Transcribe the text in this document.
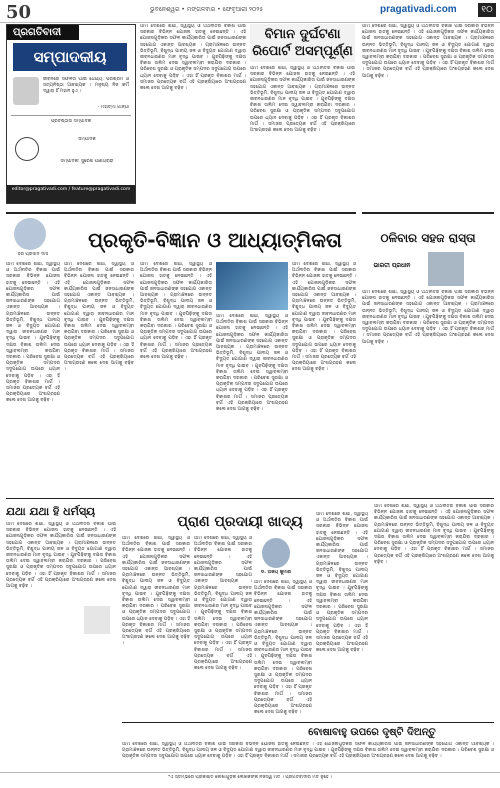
50	ଭୁବନେଶ୍ୱର • ମଙ୍ଗଳବାର • ଫେବୃଆରୀ ୨୦୨୫	pragativadi.com	୧୦
ପ୍ରଗତିବାଦୀ
ସମ୍ପାଦକୀୟ
ଜୀବନରେ ସଫଳତା ପାଇଁ ଧୈର୍ଯ୍ୟ, ପରିଶ୍ରମ ଓ ସତ୍ୟନିଷ୍ଠା ଆବଶ୍ୟକ । ମନୁଷ୍ୟ ନିଜ କର୍ମ ଦ୍ୱାରା ହିଁ ମହାନ ହୁଏ ।
- ମହାତ୍ମା ଗାନ୍ଧୀ
ପ୍ରତିଷ୍ଠାତା ସମ୍ପାଦକ
ସମ୍ପାଦକ
ସମ୍ପାଦକ: ସୁରେଶ ପାଣିଗ୍ରାହୀ
editor@pragativadi.com / feature@pragativadi.com
ଆମ ଦେଶରେ ଶିକ୍ଷା, ସ୍ୱାସ୍ଥ୍ୟ ଓ ଅର୍ଥନୀତିର ବିକାଶ ପାଇଁ ସରକାର ବିଭିନ୍ନ ଯୋଜନା ହାତକୁ ନେଇଛନ୍ତି । ଏହି ଯୋଜନାଗୁଡ଼ିକର ସଫଳ କାର୍ଯ୍ୟକାରିତା ପାଇଁ ଜନସାଧାରଣଙ୍କ ସହଯୋଗ ଏକାନ୍ତ ଆବଶ୍ୟକ । ଗ୍ରାମାଞ୍ଚଳରେ ଉନ୍ନତ ଭିତ୍ତିଭୂମି, ବିଶୁଦ୍ଧ ପାନୀୟ ଜଳ ଓ ବିଦ୍ୟୁତ ଯୋଗାଣ ଦ୍ୱାରା ଜୀବନଧାରଣର ମାନ ବୃଦ୍ଧି ପାଇବ । ଯୁବପିଢ଼ିଙ୍କୁ ଦକ୍ଷତା ବିକାଶ ତାଲିମ ଦେଇ ସ୍ୱାବଲମ୍ବୀ କରାଯିବା ଦରକାର । ପରିବେଶ ସୁରକ୍ଷା ଓ ପ୍ରାକୃତିକ ସମ୍ପଦର ସଦୁପଯୋଗ ଉପରେ ଧ୍ୟାନ ଦେବାକୁ ପଡ଼ିବ । ଏହା ହିଁ ପ୍ରକୃତ ବିକାଶର ମାର୍ଗ । ସମାଜର ପ୍ରତ୍ୟେକ ବର୍ଗ ଏହି ପ୍ରକ୍ରିୟାରେ ଅଂଶଗ୍ରହଣ କଲେ ଦେଶ ଆଗକୁ ବଢ଼ିବ ।
ବିମାନ ଦୁର୍ଘଟଣା ରିପୋର୍ଟ ଅସମ୍ପୂର୍ଣ୍ଣ
ଆମ ଦେଶରେ ଶିକ୍ଷା, ସ୍ୱାସ୍ଥ୍ୟ ଓ ଅର୍ଥନୀତିର ବିକାଶ ପାଇଁ ସରକାର ବିଭିନ୍ନ ଯୋଜନା ହାତକୁ ନେଇଛନ୍ତି । ଏହି ଯୋଜନାଗୁଡ଼ିକର ସଫଳ କାର୍ଯ୍ୟକାରିତା ପାଇଁ ଜନସାଧାରଣଙ୍କ ସହଯୋଗ ଏକାନ୍ତ ଆବଶ୍ୟକ । ଗ୍ରାମାଞ୍ଚଳରେ ଉନ୍ନତ ଭିତ୍ତିଭୂମି, ବିଶୁଦ୍ଧ ପାନୀୟ ଜଳ ଓ ବିଦ୍ୟୁତ ଯୋଗାଣ ଦ୍ୱାରା ଜୀବନଧାରଣର ମାନ ବୃଦ୍ଧି ପାଇବ । ଯୁବପିଢ଼ିଙ୍କୁ ଦକ୍ଷତା ବିକାଶ ତାଲିମ ଦେଇ ସ୍ୱାବଲମ୍ବୀ କରାଯିବା ଦରକାର । ପରିବେଶ ସୁରକ୍ଷା ଓ ପ୍ରାକୃତିକ ସମ୍ପଦର ସଦୁପଯୋଗ ଉପରେ ଧ୍ୟାନ ଦେବାକୁ ପଡ଼ିବ । ଏହା ହିଁ ପ୍ରକୃତ ବିକାଶର ମାର୍ଗ । ସମାଜର ପ୍ରତ୍ୟେକ ବର୍ଗ ଏହି ପ୍ରକ୍ରିୟାରେ ଅଂଶଗ୍ରହଣ କଲେ ଦେଶ ଆଗକୁ ବଢ଼ିବ ।
ଆମ ଦେଶରେ ଶିକ୍ଷା, ସ୍ୱାସ୍ଥ୍ୟ ଓ ଅର୍ଥନୀତିର ବିକାଶ ପାଇଁ ସରକାର ବିଭିନ୍ନ ଯୋଜନା ହାତକୁ ନେଇଛନ୍ତି । ଏହି ଯୋଜନାଗୁଡ଼ିକର ସଫଳ କାର୍ଯ୍ୟକାରିତା ପାଇଁ ଜନସାଧାରଣଙ୍କ ସହଯୋଗ ଏକାନ୍ତ ଆବଶ୍ୟକ । ଗ୍ରାମାଞ୍ଚଳରେ ଉନ୍ନତ ଭିତ୍ତିଭୂମି, ବିଶୁଦ୍ଧ ପାନୀୟ ଜଳ ଓ ବିଦ୍ୟୁତ ଯୋଗାଣ ଦ୍ୱାରା ଜୀବନଧାରଣର ମାନ ବୃଦ୍ଧି ପାଇବ । ଯୁବପିଢ଼ିଙ୍କୁ ଦକ୍ଷତା ବିକାଶ ତାଲିମ ଦେଇ ସ୍ୱାବଲମ୍ବୀ କରାଯିବା ଦରକାର । ପରିବେଶ ସୁରକ୍ଷା ଓ ପ୍ରାକୃତିକ ସମ୍ପଦର ସଦୁପଯୋଗ ଉପରେ ଧ୍ୟାନ ଦେବାକୁ ପଡ଼ିବ । ଏହା ହିଁ ପ୍ରକୃତ ବିକାଶର ମାର୍ଗ । ସମାଜର ପ୍ରତ୍ୟେକ ବର୍ଗ ଏହି ପ୍ରକ୍ରିୟାରେ ଅଂଶଗ୍ରହଣ କଲେ ଦେଶ ଆଗକୁ ବଢ଼ିବ ।
ପ୍ରକୃତି-ବିଜ୍ଞାନ ଓ ଆଧ୍ୟାତ୍ମିକତା
ହରି ପ୍ରସାଦ ଦାସ
ଆମ ଦେଶରେ ଶିକ୍ଷା, ସ୍ୱାସ୍ଥ୍ୟ ଓ ଅର୍ଥନୀତିର ବିକାଶ ପାଇଁ ସରକାର ବିଭିନ୍ନ ଯୋଜନା ହାତକୁ ନେଇଛନ୍ତି । ଏହି ଯୋଜନାଗୁଡ଼ିକର ସଫଳ କାର୍ଯ୍ୟକାରିତା ପାଇଁ ଜନସାଧାରଣଙ୍କ ସହଯୋଗ ଏକାନ୍ତ ଆବଶ୍ୟକ । ଗ୍ରାମାଞ୍ଚଳରେ ଉନ୍ନତ ଭିତ୍ତିଭୂମି, ବିଶୁଦ୍ଧ ପାନୀୟ ଜଳ ଓ ବିଦ୍ୟୁତ ଯୋଗାଣ ଦ୍ୱାରା ଜୀବନଧାରଣର ମାନ ବୃଦ୍ଧି ପାଇବ । ଯୁବପିଢ଼ିଙ୍କୁ ଦକ୍ଷତା ବିକାଶ ତାଲିମ ଦେଇ ସ୍ୱାବଲମ୍ବୀ କରାଯିବା ଦରକାର । ପରିବେଶ ସୁରକ୍ଷା ଓ ପ୍ରାକୃତିକ ସମ୍ପଦର ସଦୁପଯୋଗ ଉପରେ ଧ୍ୟାନ ଦେବାକୁ ପଡ଼ିବ । ଏହା ହିଁ ପ୍ରକୃତ ବିକାଶର ମାର୍ଗ । ସମାଜର ପ୍ରତ୍ୟେକ ବର୍ଗ ଏହି ପ୍ରକ୍ରିୟାରେ ଅଂଶଗ୍ରହଣ କଲେ ଦେଶ ଆଗକୁ ବଢ଼ିବ ।
ଆମ ଦେଶରେ ଶିକ୍ଷା, ସ୍ୱାସ୍ଥ୍ୟ ଓ ଅର୍ଥନୀତିର ବିକାଶ ପାଇଁ ସରକାର ବିଭିନ୍ନ ଯୋଜନା ହାତକୁ ନେଇଛନ୍ତି । ଏହି ଯୋଜନାଗୁଡ଼ିକର ସଫଳ କାର୍ଯ୍ୟକାରିତା ପାଇଁ ଜନସାଧାରଣଙ୍କ ସହଯୋଗ ଏକାନ୍ତ ଆବଶ୍ୟକ । ଗ୍ରାମାଞ୍ଚଳରେ ଉନ୍ନତ ଭିତ୍ତିଭୂମି, ବିଶୁଦ୍ଧ ପାନୀୟ ଜଳ ଓ ବିଦ୍ୟୁତ ଯୋଗାଣ ଦ୍ୱାରା ଜୀବନଧାରଣର ମାନ ବୃଦ୍ଧି ପାଇବ । ଯୁବପିଢ଼ିଙ୍କୁ ଦକ୍ଷତା ବିକାଶ ତାଲିମ ଦେଇ ସ୍ୱାବଲମ୍ବୀ କରାଯିବା ଦରକାର । ପରିବେଶ ସୁରକ୍ଷା ଓ ପ୍ରାକୃତିକ ସମ୍ପଦର ସଦୁପଯୋଗ ଉପରେ ଧ୍ୟାନ ଦେବାକୁ ପଡ଼ିବ । ଏହା ହିଁ ପ୍ରକୃତ ବିକାଶର ମାର୍ଗ । ସମାଜର ପ୍ରତ୍ୟେକ ବର୍ଗ ଏହି ପ୍ରକ୍ରିୟାରେ ଅଂଶଗ୍ରହଣ କଲେ ଦେଶ ଆଗକୁ ବଢ଼ିବ ।
ଆମ ଦେଶରେ ଶିକ୍ଷା, ସ୍ୱାସ୍ଥ୍ୟ ଓ ଅର୍ଥନୀତିର ବିକାଶ ପାଇଁ ସରକାର ବିଭିନ୍ନ ଯୋଜନା ହାତକୁ ନେଇଛନ୍ତି । ଏହି ଯୋଜନାଗୁଡ଼ିକର ସଫଳ କାର୍ଯ୍ୟକାରିତା ପାଇଁ ଜନସାଧାରଣଙ୍କ ସହଯୋଗ ଏକାନ୍ତ ଆବଶ୍ୟକ । ଗ୍ରାମାଞ୍ଚଳରେ ଉନ୍ନତ ଭିତ୍ତିଭୂମି, ବିଶୁଦ୍ଧ ପାନୀୟ ଜଳ ଓ ବିଦ୍ୟୁତ ଯୋଗାଣ ଦ୍ୱାରା ଜୀବନଧାରଣର ମାନ ବୃଦ୍ଧି ପାଇବ । ଯୁବପିଢ଼ିଙ୍କୁ ଦକ୍ଷତା ବିକାଶ ତାଲିମ ଦେଇ ସ୍ୱାବଲମ୍ବୀ କରାଯିବା ଦରକାର । ପରିବେଶ ସୁରକ୍ଷା ଓ ପ୍ରାକୃତିକ ସମ୍ପଦର ସଦୁପଯୋଗ ଉପରେ ଧ୍ୟାନ ଦେବାକୁ ପଡ଼ିବ । ଏହା ହିଁ ପ୍ରକୃତ ବିକାଶର ମାର୍ଗ । ସମାଜର ପ୍ରତ୍ୟେକ ବର୍ଗ ଏହି ପ୍ରକ୍ରିୟାରେ ଅଂଶଗ୍ରହଣ କଲେ ଦେଶ ଆଗକୁ ବଢ଼ିବ ।
ଆମ ଦେଶରେ ଶିକ୍ଷା, ସ୍ୱାସ୍ଥ୍ୟ ଓ ଅର୍ଥନୀତିର ବିକାଶ ପାଇଁ ସରକାର ବିଭିନ୍ନ ଯୋଜନା ହାତକୁ ନେଇଛନ୍ତି । ଏହି ଯୋଜନାଗୁଡ଼ିକର ସଫଳ କାର୍ଯ୍ୟକାରିତା ପାଇଁ ଜନସାଧାରଣଙ୍କ ସହଯୋଗ ଏକାନ୍ତ ଆବଶ୍ୟକ । ଗ୍ରାମାଞ୍ଚଳରେ ଉନ୍ନତ ଭିତ୍ତିଭୂମି, ବିଶୁଦ୍ଧ ପାନୀୟ ଜଳ ଓ ବିଦ୍ୟୁତ ଯୋଗାଣ ଦ୍ୱାରା ଜୀବନଧାରଣର ମାନ ବୃଦ୍ଧି ପାଇବ । ଯୁବପିଢ଼ିଙ୍କୁ ଦକ୍ଷତା ବିକାଶ ତାଲିମ ଦେଇ ସ୍ୱାବଲମ୍ବୀ କରାଯିବା ଦରକାର । ପରିବେଶ ସୁରକ୍ଷା ଓ ପ୍ରାକୃତିକ ସମ୍ପଦର ସଦୁପଯୋଗ ଉପରେ ଧ୍ୟାନ ଦେବାକୁ ପଡ଼ିବ । ଏହା ହିଁ ପ୍ରକୃତ ବିକାଶର ମାର୍ଗ । ସମାଜର ପ୍ରତ୍ୟେକ ବର୍ଗ ଏହି ପ୍ରକ୍ରିୟାରେ ଅଂଶଗ୍ରହଣ କଲେ ଦେଶ ଆଗକୁ ବଢ଼ିବ ।
ଆମ ଦେଶରେ ଶିକ୍ଷା, ସ୍ୱାସ୍ଥ୍ୟ ଓ ଅର୍ଥନୀତିର ବିକାଶ ପାଇଁ ସରକାର ବିଭିନ୍ନ ଯୋଜନା ହାତକୁ ନେଇଛନ୍ତି । ଏହି ଯୋଜନାଗୁଡ଼ିକର ସଫଳ କାର୍ଯ୍ୟକାରିତା ପାଇଁ ଜନସାଧାରଣଙ୍କ ସହଯୋଗ ଏକାନ୍ତ ଆବଶ୍ୟକ । ଗ୍ରାମାଞ୍ଚଳରେ ଉନ୍ନତ ଭିତ୍ତିଭୂମି, ବିଶୁଦ୍ଧ ପାନୀୟ ଜଳ ଓ ବିଦ୍ୟୁତ ଯୋଗାଣ ଦ୍ୱାରା ଜୀବନଧାରଣର ମାନ ବୃଦ୍ଧି ପାଇବ । ଯୁବପିଢ଼ିଙ୍କୁ ଦକ୍ଷତା ବିକାଶ ତାଲିମ ଦେଇ ସ୍ୱାବଲମ୍ବୀ କରାଯିବା ଦରକାର । ପରିବେଶ ସୁରକ୍ଷା ଓ ପ୍ରାକୃତିକ ସମ୍ପଦର ସଦୁପଯୋଗ ଉପରେ ଧ୍ୟାନ ଦେବାକୁ ପଡ଼ିବ । ଏହା ହିଁ ପ୍ରକୃତ ବିକାଶର ମାର୍ଗ । ସମାଜର ପ୍ରତ୍ୟେକ ବର୍ଗ ଏହି ପ୍ରକ୍ରିୟାରେ ଅଂଶଗ୍ରହଣ କଲେ ଦେଶ ଆଗକୁ ବଢ଼ିବ ।
ଠଳିବାର ସହଜ ରାସ୍ତା
ଭାରତୀ ପ୍ରଧାନ
ଆମ ଦେଶରେ ଶିକ୍ଷା, ସ୍ୱାସ୍ଥ୍ୟ ଓ ଅର୍ଥନୀତିର ବିକାଶ ପାଇଁ ସରକାର ବିଭିନ୍ନ ଯୋଜନା ହାତକୁ ନେଇଛନ୍ତି । ଏହି ଯୋଜନାଗୁଡ଼ିକର ସଫଳ କାର୍ଯ୍ୟକାରିତା ପାଇଁ ଜନସାଧାରଣଙ୍କ ସହଯୋଗ ଏକାନ୍ତ ଆବଶ୍ୟକ । ଗ୍ରାମାଞ୍ଚଳରେ ଉନ୍ନତ ଭିତ୍ତିଭୂମି, ବିଶୁଦ୍ଧ ପାନୀୟ ଜଳ ଓ ବିଦ୍ୟୁତ ଯୋଗାଣ ଦ୍ୱାରା ଜୀବନଧାରଣର ମାନ ବୃଦ୍ଧି ପାଇବ । ଯୁବପିଢ଼ିଙ୍କୁ ଦକ୍ଷତା ବିକାଶ ତାଲିମ ଦେଇ ସ୍ୱାବଲମ୍ବୀ କରାଯିବା ଦରକାର । ପରିବେଶ ସୁରକ୍ଷା ଓ ପ୍ରାକୃତିକ ସମ୍ପଦର ସଦୁପଯୋଗ ଉପରେ ଧ୍ୟାନ ଦେବାକୁ ପଡ଼ିବ । ଏହା ହିଁ ପ୍ରକୃତ ବିକାଶର ମାର୍ଗ । ସମାଜର ପ୍ରତ୍ୟେକ ବର୍ଗ ଏହି ପ୍ରକ୍ରିୟାରେ ଅଂଶଗ୍ରହଣ କଲେ ଦେଶ ଆଗକୁ ବଢ଼ିବ ।
ଯଥା ଯଥା ହି ଧର୍ମସ୍ୟ
ଆମ ଦେଶରେ ଶିକ୍ଷା, ସ୍ୱାସ୍ଥ୍ୟ ଓ ଅର୍ଥନୀତିର ବିକାଶ ପାଇଁ ସରକାର ବିଭିନ୍ନ ଯୋଜନା ହାତକୁ ନେଇଛନ୍ତି । ଏହି ଯୋଜନାଗୁଡ଼ିକର ସଫଳ କାର୍ଯ୍ୟକାରିତା ପାଇଁ ଜନସାଧାରଣଙ୍କ ସହଯୋଗ ଏକାନ୍ତ ଆବଶ୍ୟକ । ଗ୍ରାମାଞ୍ଚଳରେ ଉନ୍ନତ ଭିତ୍ତିଭୂମି, ବିଶୁଦ୍ଧ ପାନୀୟ ଜଳ ଓ ବିଦ୍ୟୁତ ଯୋଗାଣ ଦ୍ୱାରା ଜୀବନଧାରଣର ମାନ ବୃଦ୍ଧି ପାଇବ । ଯୁବପିଢ଼ିଙ୍କୁ ଦକ୍ଷତା ବିକାଶ ତାଲିମ ଦେଇ ସ୍ୱାବଲମ୍ବୀ କରାଯିବା ଦରକାର । ପରିବେଶ ସୁରକ୍ଷା ଓ ପ୍ରାକୃତିକ ସମ୍ପଦର ସଦୁପଯୋଗ ଉପରେ ଧ୍ୟାନ ଦେବାକୁ ପଡ଼ିବ । ଏହା ହିଁ ପ୍ରକୃତ ବିକାଶର ମାର୍ଗ । ସମାଜର ପ୍ରତ୍ୟେକ ବର୍ଗ ଏହି ପ୍ରକ୍ରିୟାରେ ଅଂଶଗ୍ରହଣ କଲେ ଦେଶ ଆଗକୁ ବଢ଼ିବ ।
ପ୍ରାଣ ପ୍ରଦାୟୀ ଖାଦ୍ୟ
ଆମ ଦେଶରେ ଶିକ୍ଷା, ସ୍ୱାସ୍ଥ୍ୟ ଓ ଅର୍ଥନୀତିର ବିକାଶ ପାଇଁ ସରକାର ବିଭିନ୍ନ ଯୋଜନା ହାତକୁ ନେଇଛନ୍ତି । ଏହି ଯୋଜନାଗୁଡ଼ିକର ସଫଳ କାର୍ଯ୍ୟକାରିତା ପାଇଁ ଜନସାଧାରଣଙ୍କ ସହଯୋଗ ଏକାନ୍ତ ଆବଶ୍ୟକ । ଗ୍ରାମାଞ୍ଚଳରେ ଉନ୍ନତ ଭିତ୍ତିଭୂମି, ବିଶୁଦ୍ଧ ପାନୀୟ ଜଳ ଓ ବିଦ୍ୟୁତ ଯୋଗାଣ ଦ୍ୱାରା ଜୀବନଧାରଣର ମାନ ବୃଦ୍ଧି ପାଇବ । ଯୁବପିଢ଼ିଙ୍କୁ ଦକ୍ଷତା ବିକାଶ ତାଲିମ ଦେଇ ସ୍ୱାବଲମ୍ବୀ କରାଯିବା ଦରକାର । ପରିବେଶ ସୁରକ୍ଷା ଓ ପ୍ରାକୃତିକ ସମ୍ପଦର ସଦୁପଯୋଗ ଉପରେ ଧ୍ୟାନ ଦେବାକୁ ପଡ଼ିବ । ଏହା ହିଁ ପ୍ରକୃତ ବିକାଶର ମାର୍ଗ । ସମାଜର ପ୍ରତ୍ୟେକ ବର୍ଗ ଏହି ପ୍ରକ୍ରିୟାରେ ଅଂଶଗ୍ରହଣ କଲେ ଦେଶ ଆଗକୁ ବଢ଼ିବ ।
ଆମ ଦେଶରେ ଶିକ୍ଷା, ସ୍ୱାସ୍ଥ୍ୟ ଓ ଅର୍ଥନୀତିର ବିକାଶ ପାଇଁ ସରକାର ବିଭିନ୍ନ ଯୋଜନା ହାତକୁ ନେଇଛନ୍ତି । ଏହି ଯୋଜନାଗୁଡ଼ିକର ସଫଳ କାର୍ଯ୍ୟକାରିତା ପାଇଁ ଜନସାଧାରଣଙ୍କ ସହଯୋଗ ଏକାନ୍ତ ଆବଶ୍ୟକ । ଗ୍ରାମାଞ୍ଚଳରେ ଉନ୍ନତ ଭିତ୍ତିଭୂମି, ବିଶୁଦ୍ଧ ପାନୀୟ ଜଳ ଓ ବିଦ୍ୟୁତ ଯୋଗାଣ ଦ୍ୱାରା ଜୀବନଧାରଣର ମାନ ବୃଦ୍ଧି ପାଇବ । ଯୁବପିଢ଼ିଙ୍କୁ ଦକ୍ଷତା ବିକାଶ ତାଲିମ ଦେଇ ସ୍ୱାବଲମ୍ବୀ କରାଯିବା ଦରକାର । ପରିବେଶ ସୁରକ୍ଷା ଓ ପ୍ରାକୃତିକ ସମ୍ପଦର ସଦୁପଯୋଗ ଉପରେ ଧ୍ୟାନ ଦେବାକୁ ପଡ଼ିବ । ଏହା ହିଁ ପ୍ରକୃତ ବିକାଶର ମାର୍ଗ । ସମାଜର ପ୍ରତ୍ୟେକ ବର୍ଗ ଏହି ପ୍ରକ୍ରିୟାରେ ଅଂଶଗ୍ରହଣ କଲେ ଦେଶ ଆଗକୁ ବଢ଼ିବ ।
ଡ. ଅଜୟ କୁମାର
ଆମ ଦେଶରେ ଶିକ୍ଷା, ସ୍ୱାସ୍ଥ୍ୟ ଓ ଅର୍ଥନୀତିର ବିକାଶ ପାଇଁ ସରକାର ବିଭିନ୍ନ ଯୋଜନା ହାତକୁ ନେଇଛନ୍ତି । ଏହି ଯୋଜନାଗୁଡ଼ିକର ସଫଳ କାର୍ଯ୍ୟକାରିତା ପାଇଁ ଜନସାଧାରଣଙ୍କ ସହଯୋଗ ଏକାନ୍ତ ଆବଶ୍ୟକ । ଗ୍ରାମାଞ୍ଚଳରେ ଉନ୍ନତ ଭିତ୍ତିଭୂମି, ବିଶୁଦ୍ଧ ପାନୀୟ ଜଳ ଓ ବିଦ୍ୟୁତ ଯୋଗାଣ ଦ୍ୱାରା ଜୀବନଧାରଣର ମାନ ବୃଦ୍ଧି ପାଇବ । ଯୁବପିଢ଼ିଙ୍କୁ ଦକ୍ଷତା ବିକାଶ ତାଲିମ ଦେଇ ସ୍ୱାବଲମ୍ବୀ କରାଯିବା ଦରକାର । ପରିବେଶ ସୁରକ୍ଷା ଓ ପ୍ରାକୃତିକ ସମ୍ପଦର ସଦୁପଯୋଗ ଉପରେ ଧ୍ୟାନ ଦେବାକୁ ପଡ଼ିବ । ଏହା ହିଁ ପ୍ରକୃତ ବିକାଶର ମାର୍ଗ । ସମାଜର ପ୍ରତ୍ୟେକ ବର୍ଗ ଏହି ପ୍ରକ୍ରିୟାରେ ଅଂଶଗ୍ରହଣ କଲେ ଦେଶ ଆଗକୁ ବଢ଼ିବ ।
ଆମ ଦେଶରେ ଶିକ୍ଷା, ସ୍ୱାସ୍ଥ୍ୟ ଓ ଅର୍ଥନୀତିର ବିକାଶ ପାଇଁ ସରକାର ବିଭିନ୍ନ ଯୋଜନା ହାତକୁ ନେଇଛନ୍ତି । ଏହି ଯୋଜନାଗୁଡ଼ିକର ସଫଳ କାର୍ଯ୍ୟକାରିତା ପାଇଁ ଜନସାଧାରଣଙ୍କ ସହଯୋଗ ଏକାନ୍ତ ଆବଶ୍ୟକ । ଗ୍ରାମାଞ୍ଚଳରେ ଉନ୍ନତ ଭିତ୍ତିଭୂମି, ବିଶୁଦ୍ଧ ପାନୀୟ ଜଳ ଓ ବିଦ୍ୟୁତ ଯୋଗାଣ ଦ୍ୱାରା ଜୀବନଧାରଣର ମାନ ବୃଦ୍ଧି ପାଇବ । ଯୁବପିଢ଼ିଙ୍କୁ ଦକ୍ଷତା ବିକାଶ ତାଲିମ ଦେଇ ସ୍ୱାବଲମ୍ବୀ କରାଯିବା ଦରକାର । ପରିବେଶ ସୁରକ୍ଷା ଓ ପ୍ରାକୃତିକ ସମ୍ପଦର ସଦୁପଯୋଗ ଉପରେ ଧ୍ୟାନ ଦେବାକୁ ପଡ଼ିବ । ଏହା ହିଁ ପ୍ରକୃତ ବିକାଶର ମାର୍ଗ । ସମାଜର ପ୍ରତ୍ୟେକ ବର୍ଗ ଏହି ପ୍ରକ୍ରିୟାରେ ଅଂଶଗ୍ରହଣ କଲେ ଦେଶ ଆଗକୁ ବଢ଼ିବ ।
ଆମ ଦେଶରେ ଶିକ୍ଷା, ସ୍ୱାସ୍ଥ୍ୟ ଓ ଅର୍ଥନୀତିର ବିକାଶ ପାଇଁ ସରକାର ବିଭିନ୍ନ ଯୋଜନା ହାତକୁ ନେଇଛନ୍ତି । ଏହି ଯୋଜନାଗୁଡ଼ିକର ସଫଳ କାର୍ଯ୍ୟକାରିତା ପାଇଁ ଜନସାଧାରଣଙ୍କ ସହଯୋଗ ଏକାନ୍ତ ଆବଶ୍ୟକ । ଗ୍ରାମାଞ୍ଚଳରେ ଉନ୍ନତ ଭିତ୍ତିଭୂମି, ବିଶୁଦ୍ଧ ପାନୀୟ ଜଳ ଓ ବିଦ୍ୟୁତ ଯୋଗାଣ ଦ୍ୱାରା ଜୀବନଧାରଣର ମାନ ବୃଦ୍ଧି ପାଇବ । ଯୁବପିଢ଼ିଙ୍କୁ ଦକ୍ଷତା ବିକାଶ ତାଲିମ ଦେଇ ସ୍ୱାବଲମ୍ବୀ କରାଯିବା ଦରକାର । ପରିବେଶ ସୁରକ୍ଷା ଓ ପ୍ରାକୃତିକ ସମ୍ପଦର ସଦୁପଯୋଗ ଉପରେ ଧ୍ୟାନ ଦେବାକୁ ପଡ଼ିବ । ଏହା ହିଁ ପ୍ରକୃତ ବିକାଶର ମାର୍ଗ । ସମାଜର ପ୍ରତ୍ୟେକ ବର୍ଗ ଏହି ପ୍ରକ୍ରିୟାରେ ଅଂଶଗ୍ରହଣ କଲେ ଦେଶ ଆଗକୁ ବଢ଼ିବ ।
ବୋଷାବାହୁ ଉପରେ ଦୃଷ୍ଟି ଦିଅନ୍ତୁ
ଆମ ଦେଶରେ ଶିକ୍ଷା, ସ୍ୱାସ୍ଥ୍ୟ ଓ ଅର୍ଥନୀତିର ବିକାଶ ପାଇଁ ସରକାର ବିଭିନ୍ନ ଯୋଜନା ହାତକୁ ନେଇଛନ୍ତି । ଏହି ଯୋଜନାଗୁଡ଼ିକର ସଫଳ କାର୍ଯ୍ୟକାରିତା ପାଇଁ ଜନସାଧାରଣଙ୍କ ସହଯୋଗ ଏକାନ୍ତ ଆବଶ୍ୟକ । ଗ୍ରାମାଞ୍ଚଳରେ ଉନ୍ନତ ଭିତ୍ତିଭୂମି, ବିଶୁଦ୍ଧ ପାନୀୟ ଜଳ ଓ ବିଦ୍ୟୁତ ଯୋଗାଣ ଦ୍ୱାରା ଜୀବନଧାରଣର ମାନ ବୃଦ୍ଧି ପାଇବ । ଯୁବପିଢ଼ିଙ୍କୁ ଦକ୍ଷତା ବିକାଶ ତାଲିମ ଦେଇ ସ୍ୱାବଲମ୍ବୀ କରାଯିବା ଦରକାର । ପରିବେଶ ସୁରକ୍ଷା ଓ ପ୍ରାକୃତିକ ସମ୍ପଦର ସଦୁପଯୋଗ ଉପରେ ଧ୍ୟାନ ଦେବାକୁ ପଡ଼ିବ । ଏହା ହିଁ ପ୍ରକୃତ ବିକାଶର ମାର୍ଗ । ସମାଜର ପ୍ରତ୍ୟେକ ବର୍ଗ ଏହି ପ୍ରକ୍ରିୟାରେ ଅଂଶଗ୍ରହଣ କଲେ ଦେଶ ଆଗକୁ ବଢ଼ିବ ।
*ଏ ସ୍ତମ୍ଭରେ ପ୍ରକାଶିତ ଲେଖାଗୁଡ଼ିକ ଲେଖକଙ୍କ ନିଜସ୍ୱ ମତ । ପ୍ରଗତିବାଦୀର ମତ ନୁହେଁ ।
